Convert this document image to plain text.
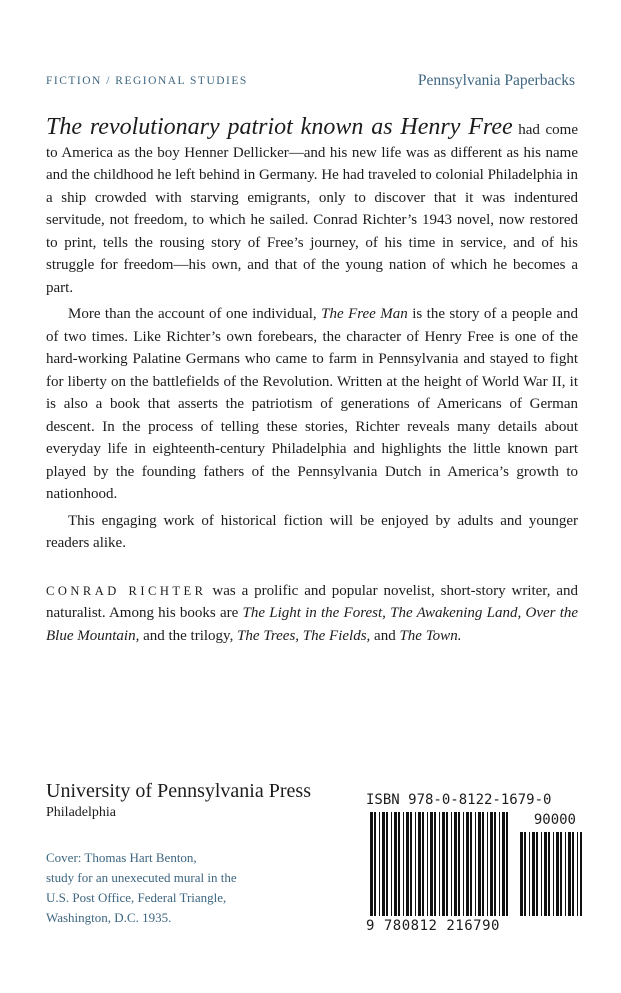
FICTION / REGIONAL STUDIES	Pennsylvania Paperbacks

The revolutionary patriot known as Henry Free had come to America as the boy Henner Dellicker—and his new life was as different as his name and the childhood he left behind in Germany. He had traveled to colonial Philadelphia in a ship crowded with starving emigrants, only to discover that it was indentured servitude, not freedom, to which he sailed. Conrad Richter’s 1943 novel, now restored to print, tells the rousing story of Free’s journey, of his time in service, and of his struggle for freedom—his own, and that of the young nation of which he becomes a part.

More than the account of one individual, The Free Man is the story of a people and of two times. Like Richter’s own forebears, the character of Henry Free is one of the hard-working Palatine Germans who came to farm in Pennsylvania and stayed to fight for liberty on the battlefields of the Revolution. Written at the height of World War II, it is also a book that asserts the patriotism of generations of Americans of German descent. In the process of telling these stories, Richter reveals many details about everyday life in eighteenth-century Philadelphia and highlights the little known part played by the founding fathers of the Pennsylvania Dutch in America’s growth to nationhood.

This engaging work of historical fiction will be enjoyed by adults and younger readers alike.

CONRAD RICHTER was a prolific and popular novelist, short-story writer, and naturalist. Among his books are The Light in the Forest, The Awakening Land, Over the Blue Mountain, and the trilogy, The Trees, The Fields, and The Town.

University of Pennsylvania Press
Philadelphia
Cover: Thomas Hart Benton,
study for an unexecuted mural in the
U.S. Post Office, Federal Triangle,
Washington, D.C. 1935.
ISBN 978-0-8122-1679-0
90000
9 780812 216790
